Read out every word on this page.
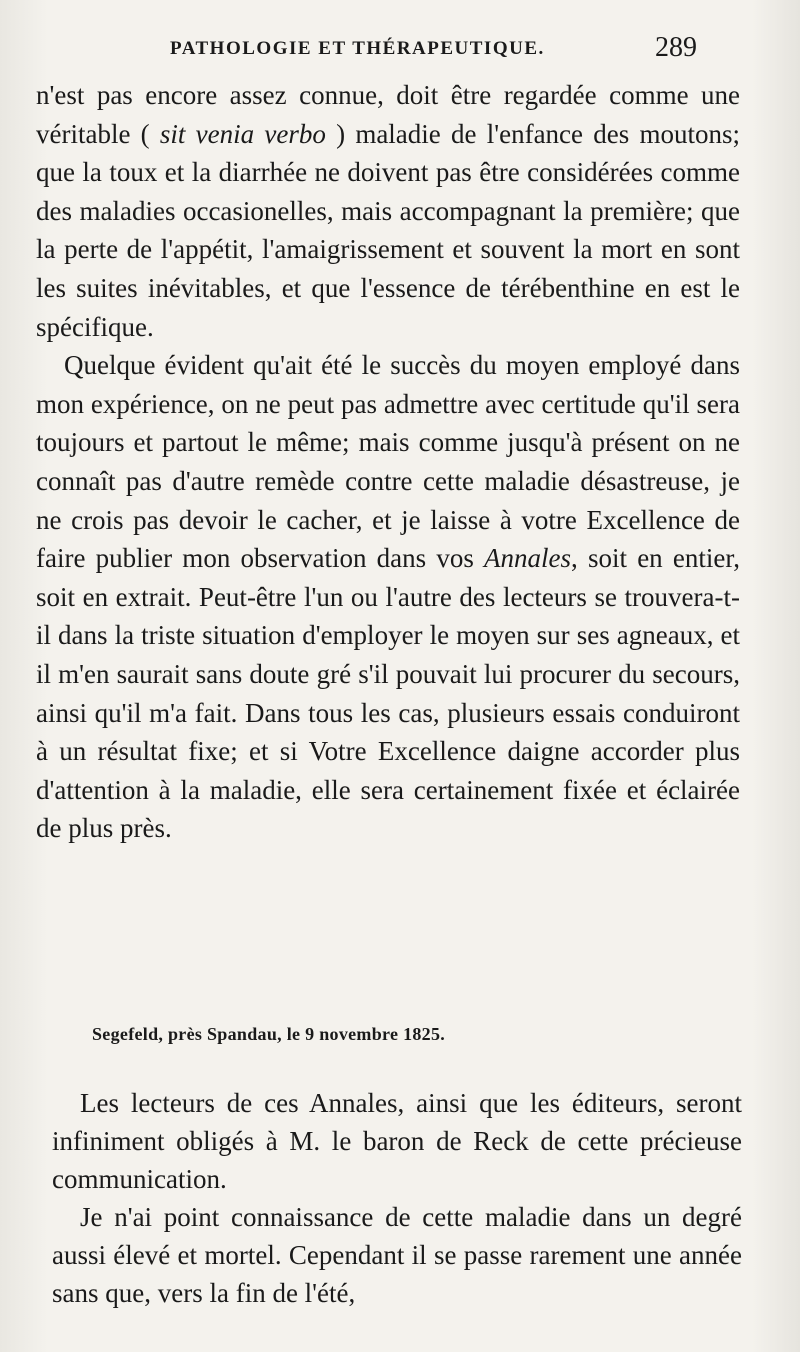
PATHOLOGIE ET THÉRAPEUTIQUE.	289

n'est pas encore assez connue, doit être regardée comme une véritable ( sit venia verbo ) maladie de l'enfance des moutons; que la toux et la diarrhée ne doivent pas être considérées comme des maladies occasionelles, mais accompagnant la première; que la perte de l'appétit, l'amaigrissement et souvent la mort en sont les suites inévitables, et que l'essence de térébenthine en est le spécifique.

Quelque évident qu'ait été le succès du moyen employé dans mon expérience, on ne peut pas admettre avec certitude qu'il sera toujours et partout le même; mais comme jusqu'à présent on ne connaît pas d'autre remède contre cette maladie désastreuse, je ne crois pas devoir le cacher, et je laisse à votre Excellence de faire publier mon observation dans vos Annales, soit en entier, soit en extrait. Peut-être l'un ou l'autre des lecteurs se trouvera-t-il dans la triste situation d'employer le moyen sur ses agneaux, et il m'en saurait sans doute gré s'il pouvait lui procurer du secours, ainsi qu'il m'a fait. Dans tous les cas, plusieurs essais conduiront à un résultat fixe; et si Votre Excellence daigne accorder plus d'attention à la maladie, elle sera certainement fixée et éclairée de plus près.

Segefeld, près Spandau, le 9 novembre 1825.

Les lecteurs de ces Annales, ainsi que les éditeurs, seront infiniment obligés à M. le baron de Reck de cette précieuse communication.

Je n'ai point connaissance de cette maladie dans un degré aussi élevé et mortel. Cependant il se passe rarement une année sans que, vers la fin de l'été,
